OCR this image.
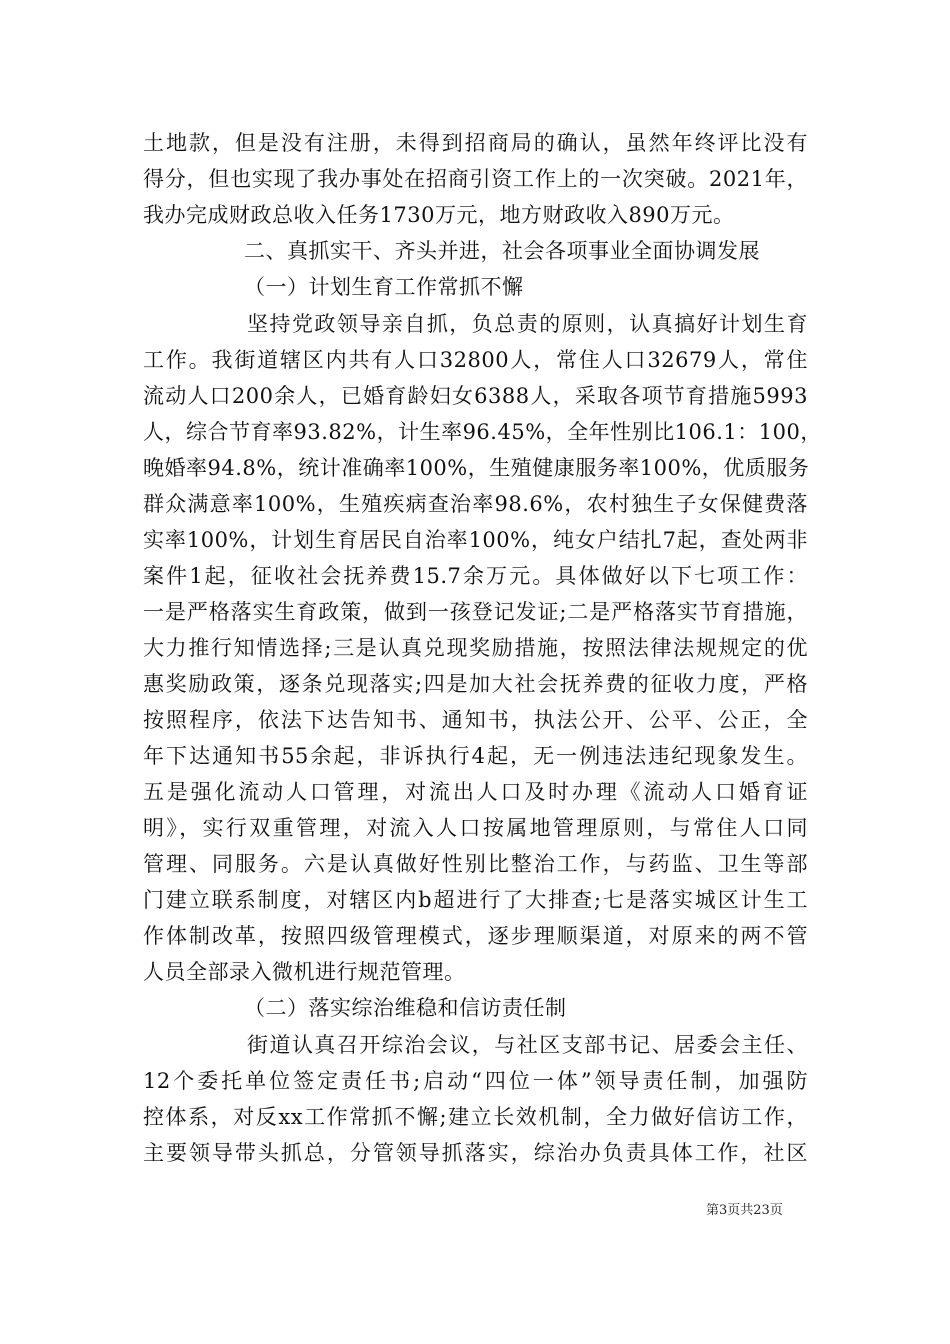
土地款，但是没有注册，未得到招商局的确认，虽然年终评比没有
得分，但也实现了我办事处在招商引资工作上的一次突破。2021年，
我办完成财政总收入任务1730万元，地方财政收入890万元。
二、真抓实干、齐头并进，社会各项事业全面协调发展
（一）计划生育工作常抓不懈
坚持党政领导亲自抓，负总责的原则，认真搞好计划生育
工作。我街道辖区内共有人口32800人，常住人口32679人，常住
流动人口200余人，已婚育龄妇女6388人，采取各项节育措施5993
人，综合节育率93.82%，计生率96.45%，全年性别比106.1：100，
晚婚率94.8%，统计准确率100%，生殖健康服务率100%，优质服务
群众满意率100%，生殖疾病查治率98.6%，农村独生子女保健费落
实率100%，计划生育居民自治率100%，纯女户结扎7起，查处两非
案件1起，征收社会抚养费15.7余万元。具体做好以下七项工作：
一是严格落实生育政策，做到一孩登记发证;二是严格落实节育措施，
大力推行知情选择;三是认真兑现奖励措施，按照法律法规规定的优
惠奖励政策，逐条兑现落实;四是加大社会抚养费的征收力度，严格
按照程序，依法下达告知书、通知书，执法公开、公平、公正，全
年下达通知书55余起，非诉执行4起，无一例违法违纪现象发生。
五是强化流动人口管理，对流出人口及时办理《流动人口婚育证
明》，实行双重管理，对流入人口按属地管理原则，与常住人口同
管理、同服务。六是认真做好性别比整治工作，与药监、卫生等部
门建立联系制度，对辖区内b超进行了大排查;七是落实城区计生工
作体制改革，按照四级管理模式，逐步理顺渠道，对原来的两不管
人员全部录入微机进行规范管理。
（二）落实综治维稳和信访责任制
街道认真召开综治会议，与社区支部书记、居委会主任、
12个委托单位签定责任书;启动“四位一体”领导责任制，加强防
控体系，对反xx工作常抓不懈;建立长效机制，全力做好信访工作，
主要领导带头抓总，分管领导抓落实，综治办负责具体工作，社区
第3页共23页
